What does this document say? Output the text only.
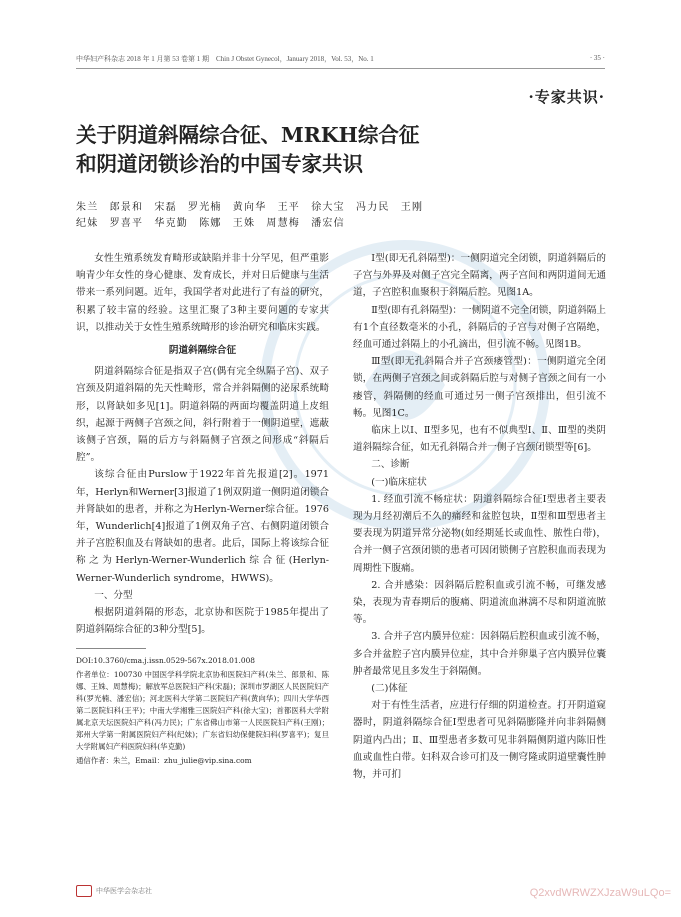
中华妇产科杂志 2018 年 1 月第 53 卷第 1 期　Chin J Obstet Gynecol，January 2018，Vol. 53，No. 1	· 35 ·
·专家共识·
关于阴道斜隔综合征、MRKH综合征
和阴道闭锁诊治的中国专家共识
朱兰　郎景和　宋磊　罗光楠　黄向华　王平　徐大宝　冯力民　王刚
纪妹　罗喜平　华克勤　陈娜　王姝　周慧梅　潘宏信

女性生殖系统发育畸形或缺陷并非十分罕见，但严重影响青少年女性的身心健康、发育成长，并对日后健康与生活带来一系列问题。近年，我国学者对此进行了有益的研究，积累了较丰富的经验。这里汇聚了3种主要问题的专家共识，以推动关于女性生殖系统畸形的诊治研究和临床实践。

阴道斜隔综合征

阴道斜隔综合征是指双子宫(偶有完全纵隔子宫)、双子宫颈及阴道斜隔的先天性畸形，常合并斜隔侧的泌尿系统畸形，以肾缺如多见[1]。阴道斜隔的两面均覆盖阴道上皮组织，起源于两侧子宫颈之间，斜行附着于一侧阴道壁，遮蔽该侧子宫颈，隔的后方与斜隔侧子宫颈之间形成“斜隔后腔”。

该综合征由Purslow于1922年首先报道[2]。1971年，Herlyn和Werner[3]报道了1例双阴道一侧阴道闭锁合并肾缺如的患者，并称之为Herlyn-Werner综合征。1976年，Wunderlich[4]报道了1例双角子宫、右侧阴道闭锁合并子宫腔积血及右肾缺如的患者。此后，国际上将该综合征称之为Herlyn-Werner-Wunderlich综合征(Herlyn-Werner-Wunderlich syndrome，HWWS)。

一、分型

根据阴道斜隔的形态，北京协和医院于1985年提出了阴道斜隔综合征的3种分型[5]。

DOI:10.3760/cma.j.issn.0529-567x.2018.01.008

作者单位：100730 中国医学科学院北京协和医院妇产科(朱兰、郎景和、陈娜、王姝、周慧梅)；解放军总医院妇产科(宋磊)；深圳市罗湖区人民医院妇产科(罗光楠、潘宏信)；河北医科大学第二医院妇产科(黄向华)；四川大学华西第二医院妇科(王平)；中南大学湘雅三医院妇产科(徐大宝)；首都医科大学附属北京天坛医院妇产科(冯力民)；广东省佛山市第一人民医院妇产科(王刚)；郑州大学第一附属医院妇产科(纪妹)；广东省妇幼保健院妇科(罗喜平)；复旦大学附属妇产科医院妇科(华克勤)

通信作者：朱兰，Email：zhu_julie@vip.sina.com

Ⅰ型(即无孔斜隔型)：一侧阴道完全闭锁，阴道斜隔后的子宫与外界及对侧子宫完全隔离，两子宫间和两阴道间无通道，子宫腔积血聚积于斜隔后腔。见图1A。

Ⅱ型(即有孔斜隔型)：一侧阴道不完全闭锁，阴道斜隔上有1个直径数毫米的小孔，斜隔后的子宫与对侧子宫隔绝，经血可通过斜隔上的小孔滴出，但引流不畅。见图1B。

Ⅲ型(即无孔斜隔合并子宫颈瘘管型)：一侧阴道完全闭锁，在两侧子宫颈之间或斜隔后腔与对侧子宫颈之间有一小瘘管，斜隔侧的经血可通过另一侧子宫颈排出，但引流不畅。见图1C。

临床上以Ⅰ、Ⅱ型多见，也有不似典型Ⅰ、Ⅱ、Ⅲ型的类阴道斜隔综合征，如无孔斜隔合并一侧子宫颈闭锁型等[6]。

二、诊断

(一)临床症状

1. 经血引流不畅症状：阴道斜隔综合征Ⅰ型患者主要表现为月经初潮后不久的痛经和盆腔包块，Ⅱ型和Ⅲ型患者主要表现为阴道异常分泌物(如经期延长或血性、脓性白带)，合并一侧子宫颈闭锁的患者可因闭锁侧子宫腔积血而表现为周期性下腹痛。

2. 合并感染：因斜隔后腔积血或引流不畅，可继发感染，表现为青春期后的腹痛、阴道流血淋漓不尽和阴道流脓等。

3. 合并子宫内膜异位症：因斜隔后腔积血或引流不畅，多合并盆腔子宫内膜异位症，其中合并卵巢子宫内膜异位囊肿者最常见且多发生于斜隔侧。

(二)体征

对于有性生活者，应进行仔细的阴道检查。打开阴道窥器时，阴道斜隔综合征Ⅰ型患者可见斜隔膨隆并向非斜隔侧阴道内凸出；Ⅱ、Ⅲ型患者多数可见非斜隔侧阴道内陈旧性血或血性白带。妇科双合诊可扪及一侧穹隆或阴道壁囊性肿物，并可扪

中华医学会杂志社	Q2xvdWRWZXJzaW9uLQo=
